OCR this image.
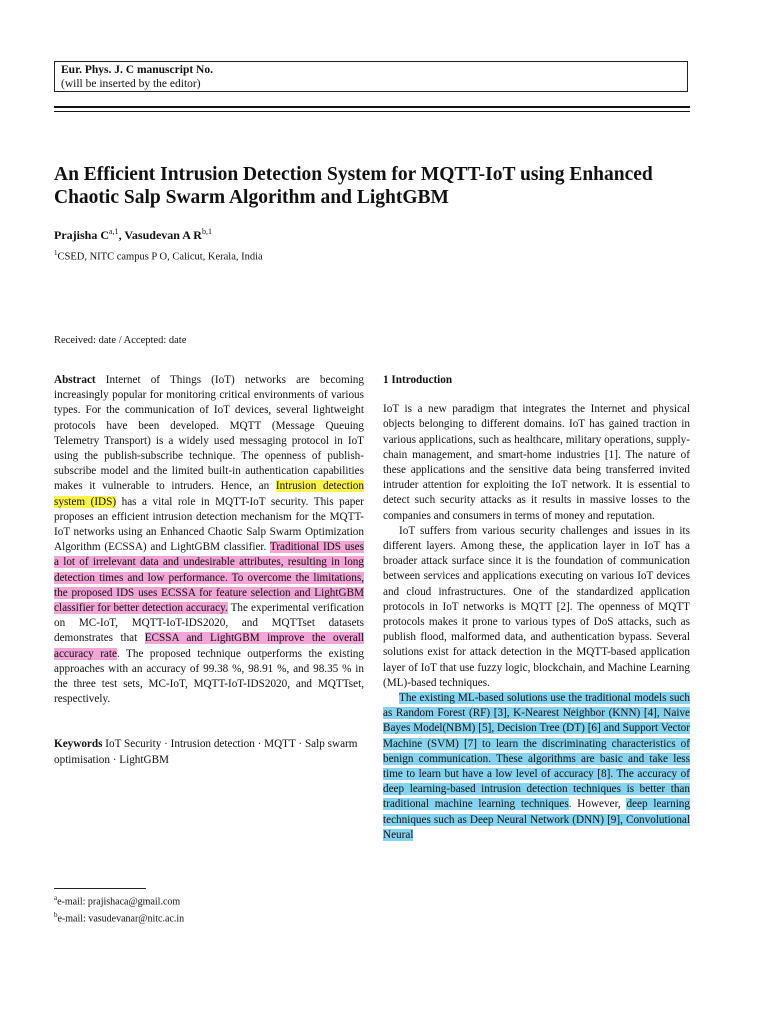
Eur. Phys. J. C manuscript No.
(will be inserted by the editor)
An Efficient Intrusion Detection System for MQTT-IoT using Enhanced Chaotic Salp Swarm Algorithm and LightGBM
Prajisha C$^{a,1}$, Vasudevan A R$^{b,1}$
$^1$CSED, NITC campus P O, Calicut, Kerala, India
Received: date / Accepted: date

Abstract Internet of Things (IoT) networks are becoming increasingly popular for monitoring critical environments of various types. For the communication of IoT devices, several lightweight protocols have been developed. MQTT (Message Queuing Telemetry Transport) is a widely used messaging protocol in IoT using the publish-subscribe technique. The openness of publish-subscribe model and the limited built-in authentication capabilities makes it vulnerable to intruders. Hence, an Intrusion detection system (IDS) has a vital role in MQTT-IoT security. This paper proposes an efficient intrusion detection mechanism for the MQTT-IoT networks using an Enhanced Chaotic Salp Swarm Optimization Algorithm (ECSSA) and LightGBM classifier. Traditional IDS uses a lot of irrelevant data and undesirable attributes, resulting in long detection times and low performance. To overcome the limitations, the proposed IDS uses ECSSA for feature selection and LightGBM classifier for better detection accuracy. The experimental verification on MC-IoT, MQTT-IoT-IDS2020, and MQTTset datasets demonstrates that ECSSA and LightGBM improve the overall accuracy rate. The proposed technique outperforms the existing approaches with an accuracy of 99.38 %, 98.91 %, and 98.35 % in the three test sets, MC-IoT, MQTT-IoT-IDS2020, and MQTTset, respectively.

Keywords IoT Security · Intrusion detection · MQTT · Salp swarm optimisation · LightGBM

1 Introduction

IoT is a new paradigm that integrates the Internet and physical objects belonging to different domains. IoT has gained traction in various applications, such as healthcare, military operations, supply-chain management, and smart-home industries [1]. The nature of these applications and the sensitive data being transferred invited intruder attention for exploiting the IoT network. It is essential to detect such security attacks as it results in massive losses to the companies and consumers in terms of money and reputation.

IoT suffers from various security challenges and issues in its different layers. Among these, the application layer in IoT has a broader attack surface since it is the foundation of communication between services and applications executing on various IoT devices and cloud infrastructures. One of the standardized application protocols in IoT networks is MQTT [2]. The openness of MQTT protocols makes it prone to various types of DoS attacks, such as publish flood, malformed data, and authentication bypass. Several solutions exist for attack detection in the MQTT-based application layer of IoT that use fuzzy logic, blockchain, and Machine Learning (ML)-based techniques.

The existing ML-based solutions use the traditional models such as Random Forest (RF) [3], K-Nearest Neighbor (KNN) [4], Naive Bayes Model(NBM) [5], Decision Tree (DT) [6] and Support Vector Machine (SVM) [7] to learn the discriminating characteristics of benign communication. These algorithms are basic and take less time to learn but have a low level of accuracy [8]. The accuracy of deep learning-based intrusion detection techniques is better than traditional machine learning techniques. However, deep learning techniques such as Deep Neural Network (DNN) [9], Convolutional Neural

$^a$e-mail: prajishaca@gmail.com
$^b$e-mail: vasudevanar@nitc.ac.in
